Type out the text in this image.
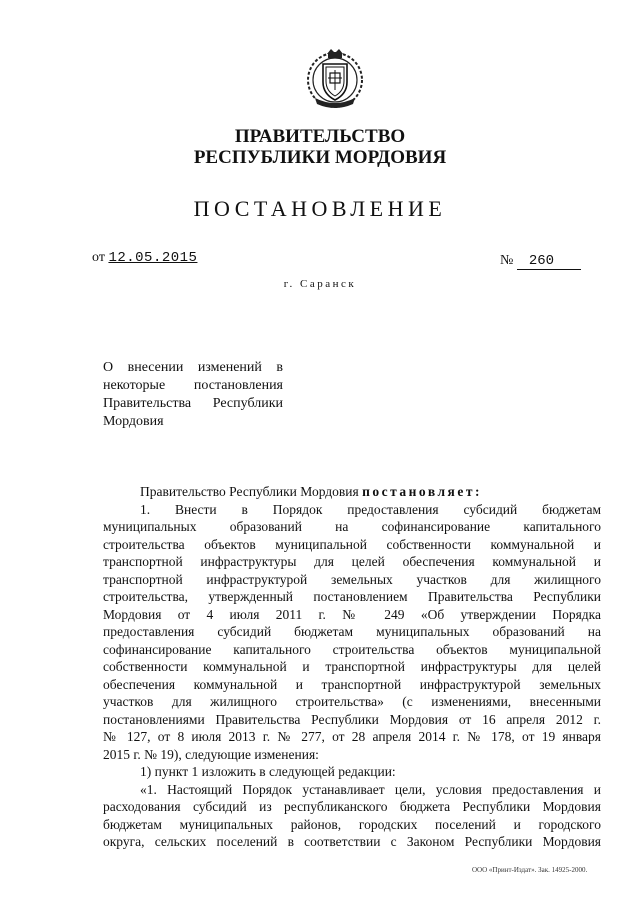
ПРАВИТЕЛЬСТВО
РЕСПУБЛИКИ МОРДОВИЯ
ПОСТАНОВЛЕНИЕ
от 12.05.2015	№ 260
г. Саранск
О внесении изменений в
некоторые постановления
Правительства Республики
Мордовия
Правительство Республики Мордовия постановляет:
1. Внести в Порядок предоставления субсидий бюджетам
муниципальных образований на софинансирование капитального
строительства объектов муниципальной собственности коммунальной и
транспортной инфраструктуры для целей обеспечения коммунальной и
транспортной инфраструктурой земельных участков для жилищного
строительства, утвержденный постановлением Правительства Республики
Мордовия от 4 июля 2011 г. № 249 «Об утверждении Порядка
предоставления субсидий бюджетам муниципальных образований на
софинансирование капитального строительства объектов муниципальной
собственности коммунальной и транспортной инфраструктуры для целей
обеспечения коммунальной и транспортной инфраструктурой земельных
участков для жилищного строительства» (с изменениями, внесенными
постановлениями Правительства Республики Мордовия от 16 апреля 2012 г.
№ 127, от 8 июля 2013 г. № 277, от 28 апреля 2014 г. № 178, от 19 января
2015 г. № 19), следующие изменения:
1) пункт 1 изложить в следующей редакции:
«1. Настоящий Порядок устанавливает цели, условия предоставления и
расходования субсидий из республиканского бюджета Республики Мордовия
бюджетам муниципальных районов, городских поселений и городского
округа, сельских поселений в соответствии с Законом Республики Мордовия
ООО «Принт-Издат». Зак. 14925-2000.
